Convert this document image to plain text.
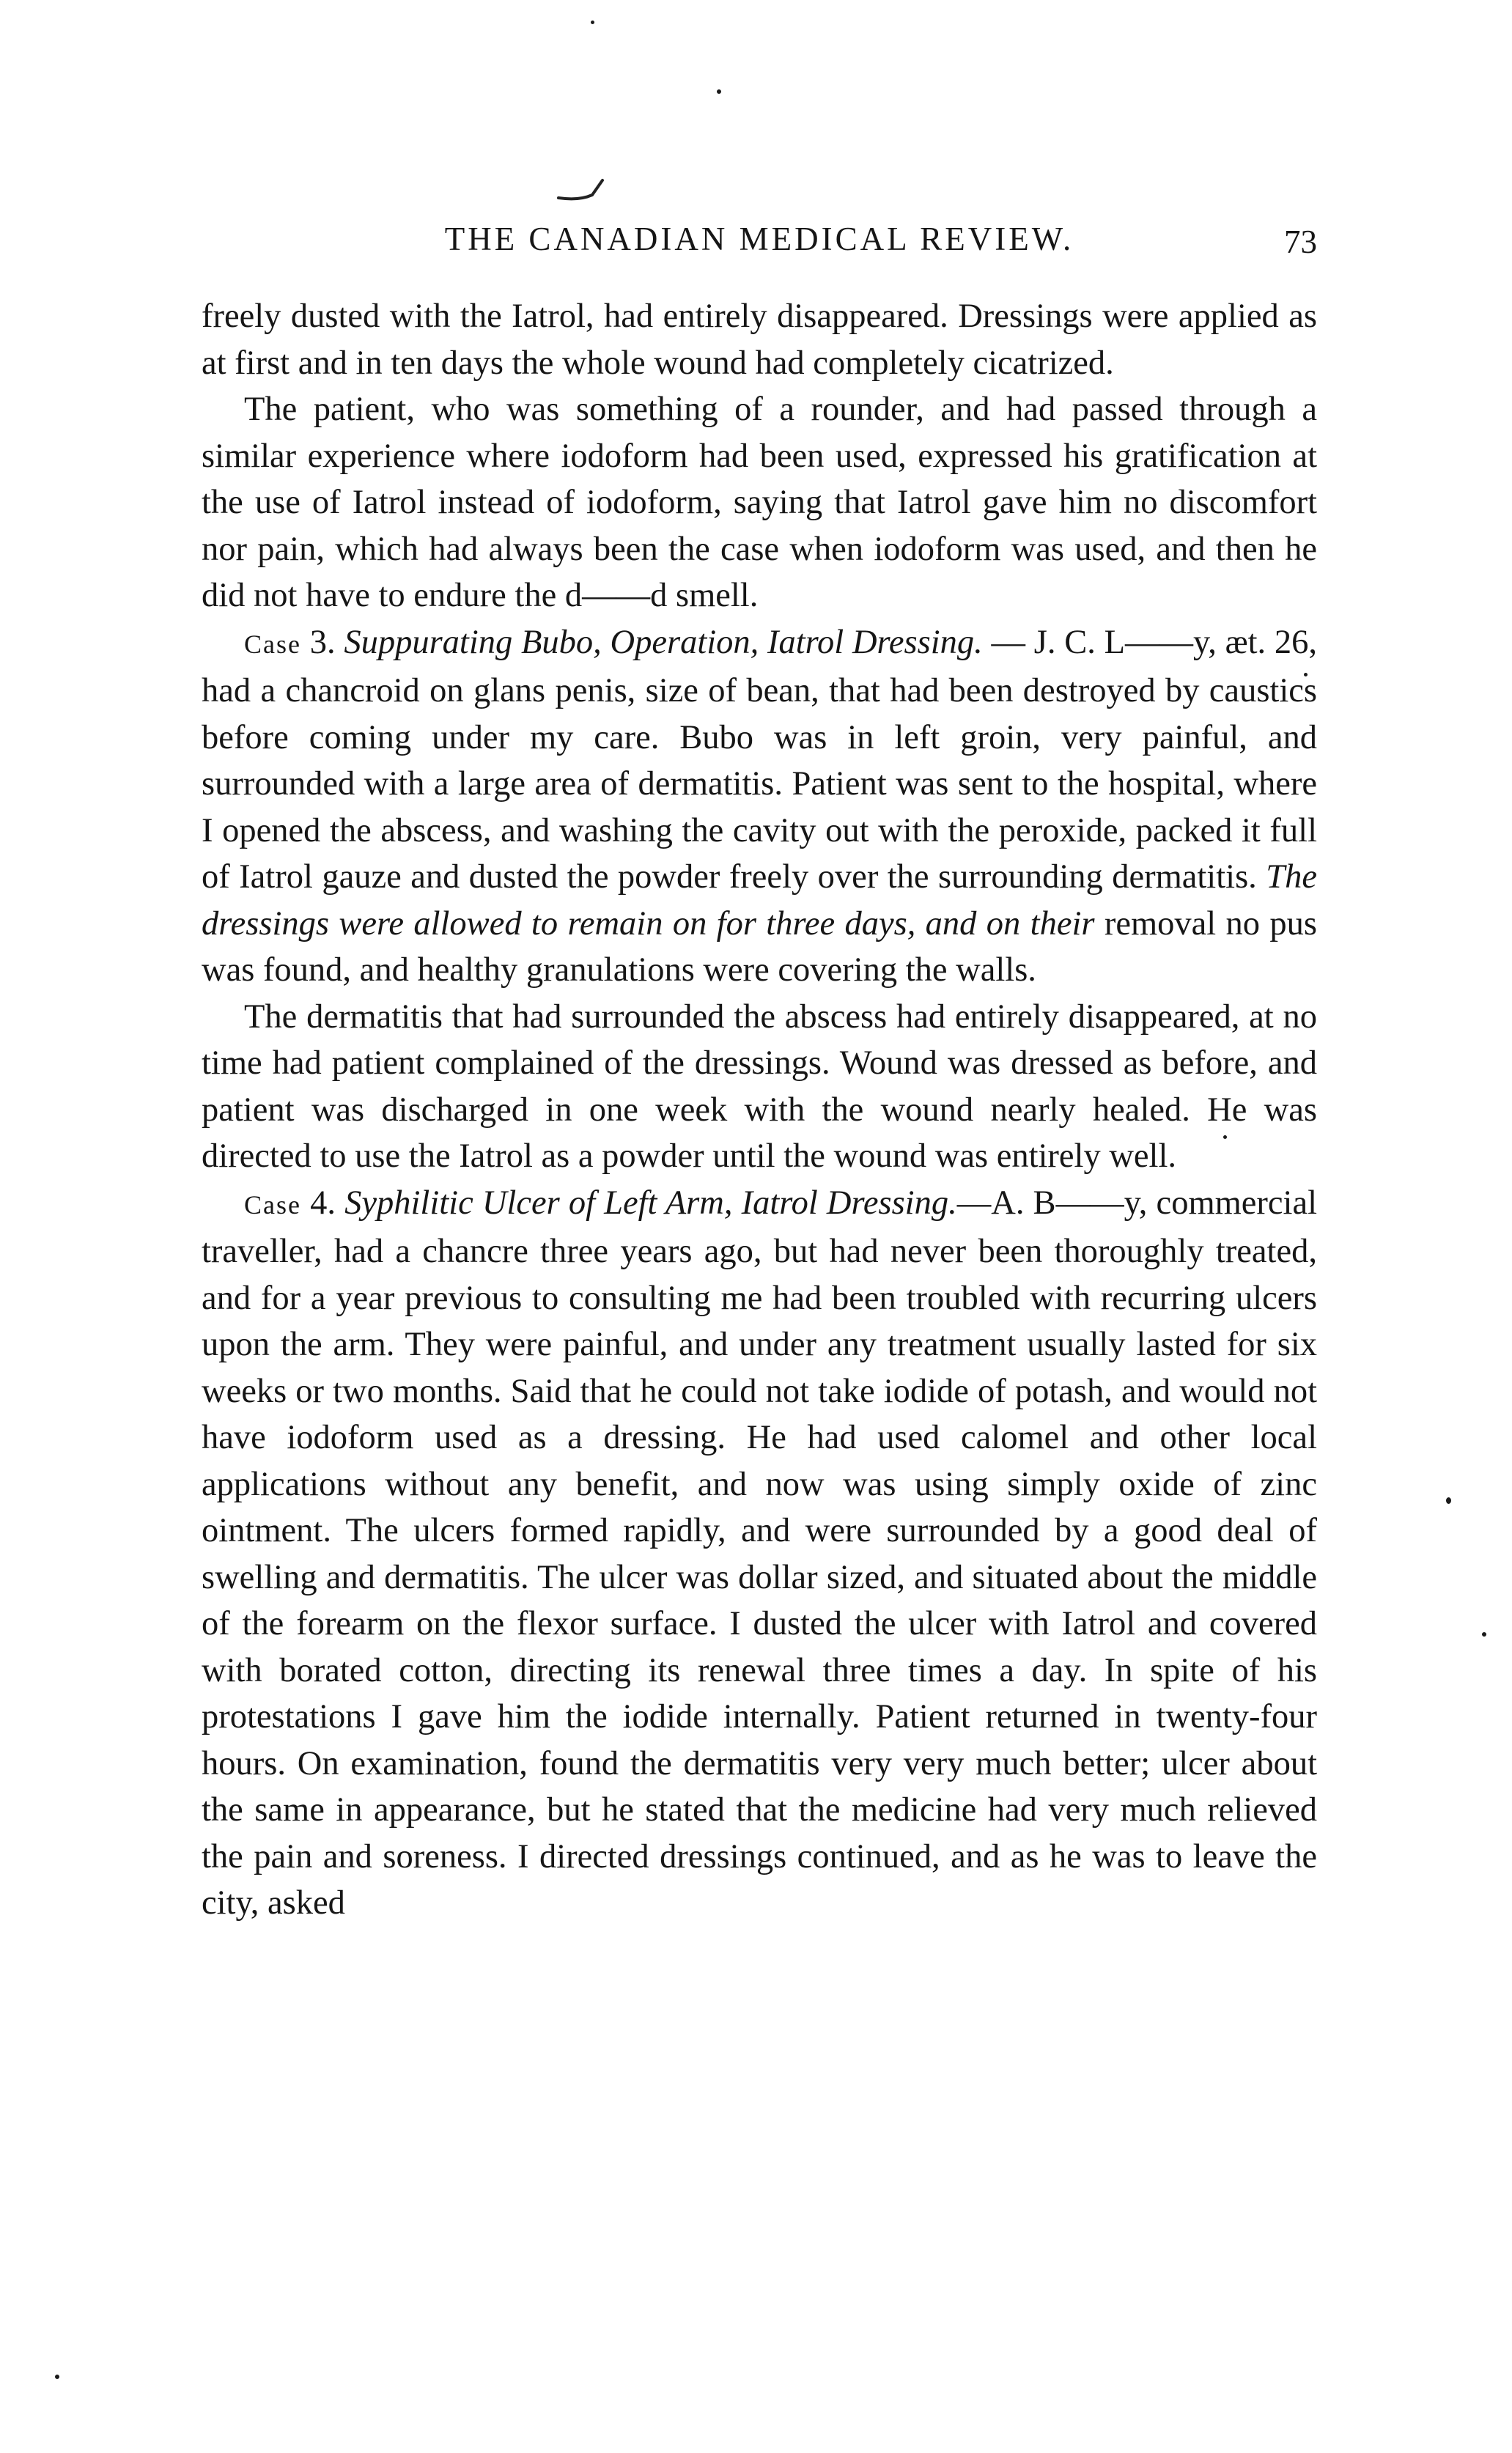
THE CANADIAN MEDICAL REVIEW.	73

freely dusted with the Iatrol, had entirely disappeared. Dressings were applied as at first and in ten days the whole wound had completely cicatrized.

The patient, who was something of a rounder, and had passed through a similar experience where iodoform had been used, expressed his gratification at the use of Iatrol instead of iodoform, saying that Iatrol gave him no discomfort nor pain, which had always been the case when iodoform was used, and then he did not have to endure the d——d smell.

Case 3. Suppurating Bubo, Operation, Iatrol Dressing. — J. C. L——y, æt. 26, had a chancroid on glans penis, size of bean, that had been destroyed by caustics before coming under my care. Bubo was in left groin, very painful, and surrounded with a large area of dermatitis. Patient was sent to the hospital, where I opened the abscess, and washing the cavity out with the peroxide, packed it full of Iatrol gauze and dusted the powder freely over the surrounding dermatitis. The dressings were allowed to remain on for three days, and on their removal no pus was found, and healthy granulations were covering the walls.

The dermatitis that had surrounded the abscess had entirely disappeared, at no time had patient complained of the dressings. Wound was dressed as before, and patient was discharged in one week with the wound nearly healed. He was directed to use the Iatrol as a powder until the wound was entirely well.

Case 4. Syphilitic Ulcer of Left Arm, Iatrol Dressing.—A. B——y, commercial traveller, had a chancre three years ago, but had never been thoroughly treated, and for a year previous to consulting me had been troubled with recurring ulcers upon the arm. They were painful, and under any treatment usually lasted for six weeks or two months. Said that he could not take iodide of potash, and would not have iodoform used as a dressing. He had used calomel and other local applications without any benefit, and now was using simply oxide of zinc ointment. The ulcers formed rapidly, and were surrounded by a good deal of swelling and dermatitis. The ulcer was dollar sized, and situated about the middle of the forearm on the flexor surface. I dusted the ulcer with Iatrol and covered with borated cotton, directing its renewal three times a day. In spite of his protestations I gave him the iodide internally. Patient returned in twenty-four hours. On examination, found the dermatitis very very much better; ulcer about the same in appearance, but he stated that the medicine had very much relieved the pain and soreness. I directed dressings continued, and as he was to leave the city, asked
